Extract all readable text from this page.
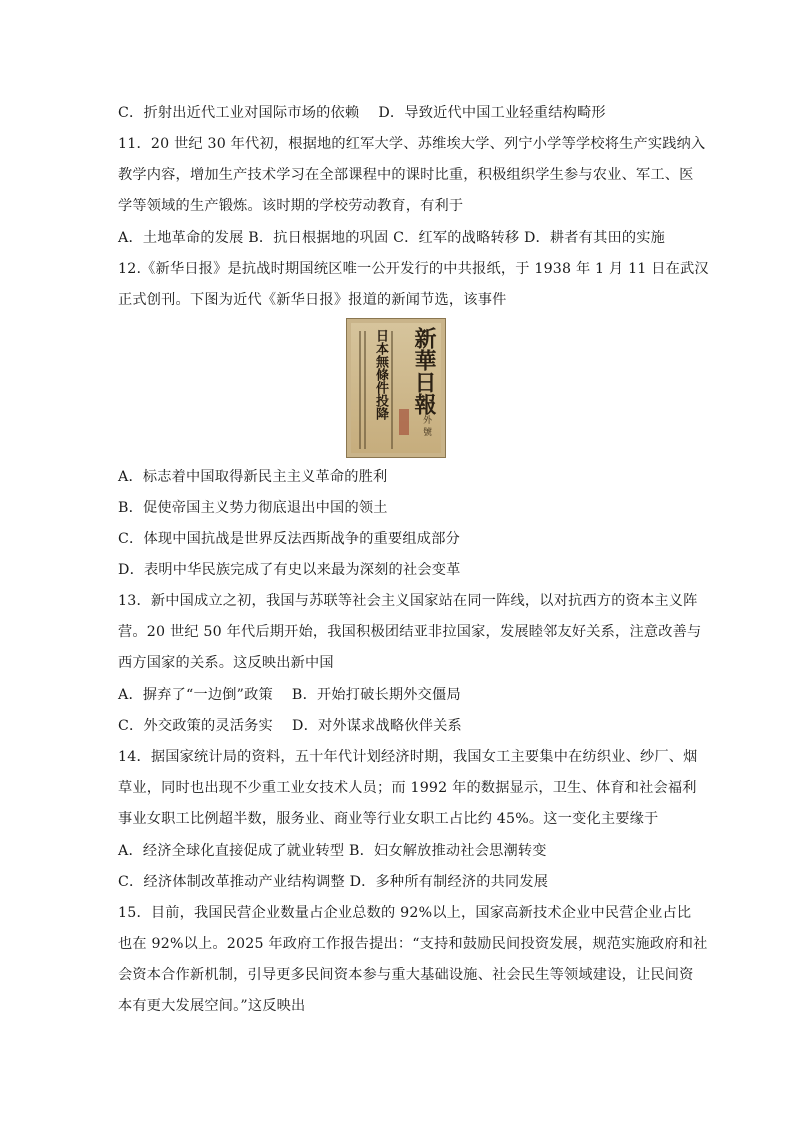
C．折射出近代工业对国际市场的依赖　 D．导致近代中国工业轻重结构畸形
11．20 世纪 30 年代初，根据地的红军大学、苏维埃大学、列宁小学等学校将生产实践纳入
教学内容，增加生产技术学习在全部课程中的课时比重，积极组织学生参与农业、军工、医
学等领域的生产锻炼。该时期的学校劳动教育，有利于
A．土地革命的发展 B．抗日根据地的巩固 C．红军的战略转移 D．耕者有其田的实施
12.《新华日报》是抗战时期国统区唯一公开发行的中共报纸，于 1938 年 1 月 11 日在武汉
正式创刊。下图为近代《新华日报》报道的新闻节选，该事件
新華日報
外 號
日本無條件投降
A．标志着中国取得新民主主义革命的胜利
B．促使帝国主义势力彻底退出中国的领土
C．体现中国抗战是世界反法西斯战争的重要组成部分
D．表明中华民族完成了有史以来最为深刻的社会变革
13．新中国成立之初，我国与苏联等社会主义国家站在同一阵线，以对抗西方的资本主义阵
营。20 世纪 50 年代后期开始，我国积极团结亚非拉国家，发展睦邻友好关系，注意改善与
西方国家的关系。这反映出新中国
A．摒弃了“一边倒”政策　 B．开始打破长期外交僵局
C．外交政策的灵活务实　 D．对外谋求战略伙伴关系
14．据国家统计局的资料，五十年代计划经济时期，我国女工主要集中在纺织业、纱厂、烟
草业，同时也出现不少重工业女技术人员；而 1992 年的数据显示，卫生、体育和社会福利
事业女职工比例超半数，服务业、商业等行业女职工占比约 45%。这一变化主要缘于
A．经济全球化直接促成了就业转型 B．妇女解放推动社会思潮转变
C．经济体制改革推动产业结构调整 D．多种所有制经济的共同发展
15．目前，我国民营企业数量占企业总数的 92%以上，国家高新技术企业中民营企业占比
也在 92%以上。2025 年政府工作报告提出：“支持和鼓励民间投资发展，规范实施政府和社
会资本合作新机制，引导更多民间资本参与重大基础设施、社会民生等领域建设，让民间资
本有更大发展空间。”这反映出
